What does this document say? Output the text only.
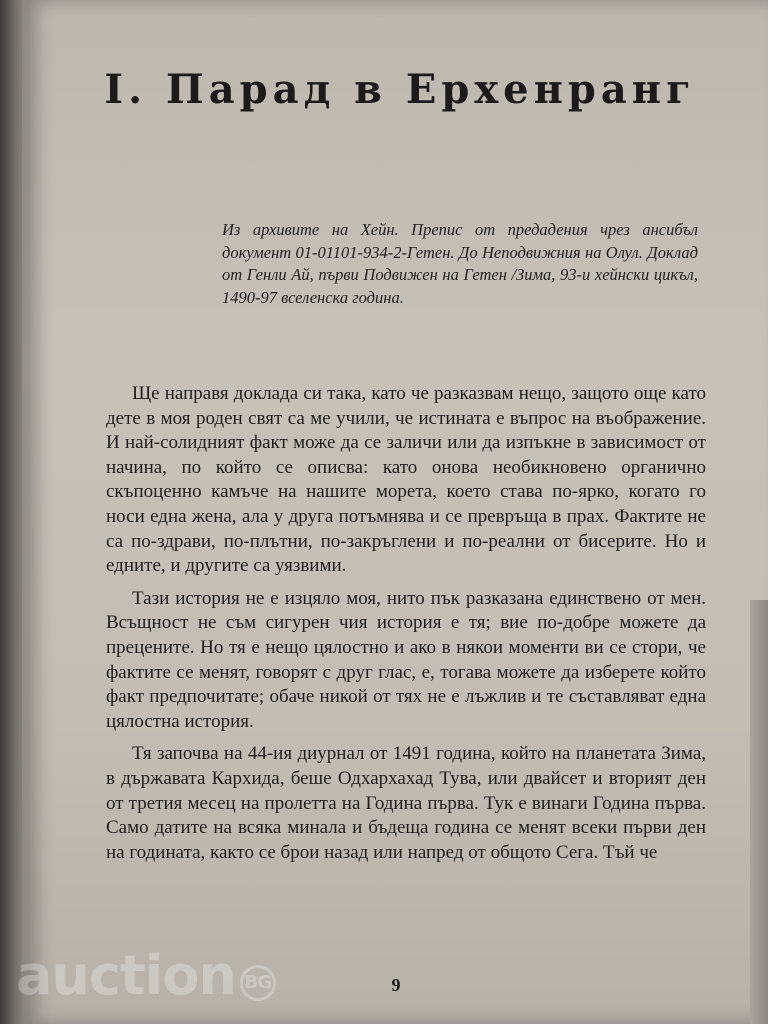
I. Парад в Ерхенранг

Из архивите на Хейн. Препис от предадения чрез ансибъл документ 01-01101-934-2-Гетен. До Неподвижния на Олул. Доклад от Генли Ай, първи Подвижен на Гетен /Зима, 93-и хейнски цикъл, 1490-97 вселенска година.

Ще направя доклада си така, като че разказвам нещо, защото още като дете в моя роден свят са ме учили, че истината е въпрос на въображение. И най-солидният факт може да се заличи или да изпъкне в зависимост от начина, по който се описва: като онова необикновено органично скъпоценно камъче на нашите морета, което става по-ярко, когато го носи една жена, ала у друга потъмнява и се превръща в прах. Фактите не са по-здрави, по-плътни, по-закръглени и по-реални от бисерите. Но и едните, и другите са уязвими.

Тази история не е изцяло моя, нито пък разказана единствено от мен. Всъщност не съм сигурен чия история е тя; вие по-добре можете да прецените. Но тя е нещо цялостно и ако в някои моменти ви се стори, че фактите се менят, говорят с друг глас, е, тогава можете да изберете който факт предпочитате; обаче никой от тях не е лъжлив и те съставляват една цялостна история.

Тя започва на 44-ия диурнал от 1491 година, който на планетата Зима, в държавата Кархида, беше Одхархахад Тува, или двайсет и вторият ден от третия месец на пролетта на Година първа. Тук е винаги Година първа. Само датите на всяка минала и бъдеща година се менят всеки първи ден на годината, както се брои назад или напред от общото Сега. Тъй че

9

auction BG
